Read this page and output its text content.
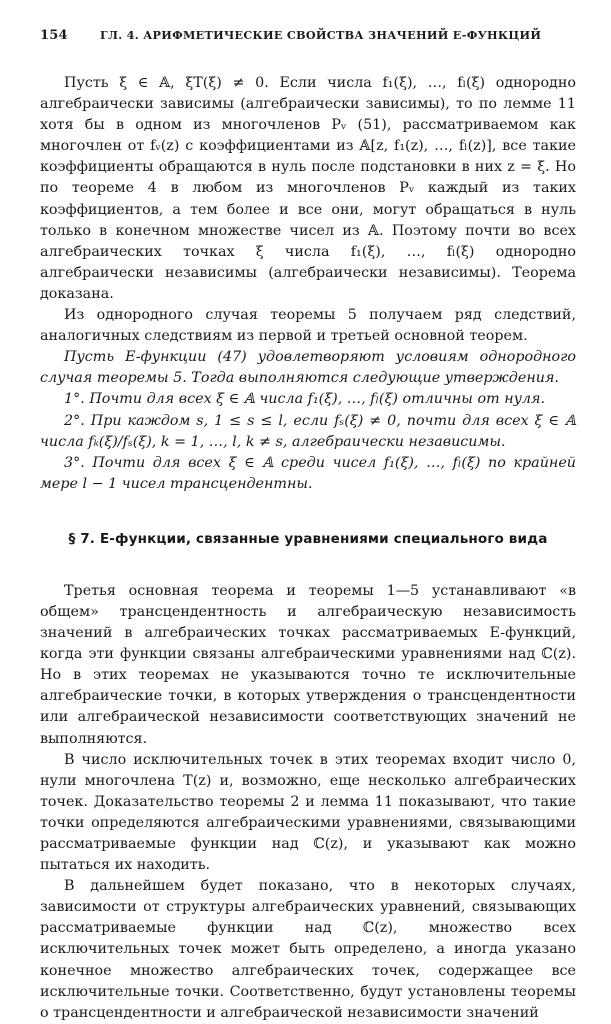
154	ГЛ. 4. АРИФМЕТИЧЕСКИЕ СВОЙСТВА ЗНАЧЕНИЙ E-ФУНКЦИЙ

Пусть ξ ∈ 𝔸, ξT(ξ) ≠ 0. Если числа f₁(ξ), …, fₗ(ξ) однородно алгебраически зависимы (алгебраически зависимы), то по лемме 11 хотя бы в одном из многочленов Pᵥ (51), рассматриваемом как многочлен от fᵥ(z) с коэффициентами из 𝔸[z, f₁(z), …, fₗ(z)], все такие коэффициенты обращаются в нуль после подстановки в них z = ξ. Но по теореме 4 в любом из многочленов Pᵥ каждый из таких коэффициентов, а тем более и все они, могут обращаться в нуль только в конечном множестве чисел из 𝔸. Поэтому почти во всех алгебраических точках ξ числа f₁(ξ), …, fₗ(ξ) однородно алгебраически независимы (алгебраически независимы). Теорема доказана.

Из однородного случая теоремы 5 получаем ряд следствий, аналогичных следствиям из первой и третьей основной теорем.

Пусть E-функции (47) удовлетворяют условиям однородного случая теоремы 5. Тогда выполняются следующие утверждения.

1°. Почти для всех ξ ∈ 𝔸 числа f₁(ξ), …, fₗ(ξ) отличны от нуля.

2°. При каждом s, 1 ≤ s ≤ l, если fₛ(ξ) ≠ 0, почти для всех ξ ∈ 𝔸 числа fₖ(ξ)/fₛ(ξ), k = 1, …, l, k ≠ s, алгебраически независимы.

3°. Почти для всех ξ ∈ 𝔸 среди чисел f₁(ξ), …, fₗ(ξ) по крайней мере l − 1 чисел трансцендентны.

§ 7. E-функции, связанные уравнениями специального вида

Третья основная теорема и теоремы 1—5 устанавливают «в общем» трансцендентность и алгебраическую независимость значений в алгебраических точках рассматриваемых E-функций, когда эти функции связаны алгебраическими уравнениями над ℂ(z). Но в этих теоремах не указываются точно те исключительные алгебраические точки, в которых утверждения о трансцендентности или алгебраической независимости соответствующих значений не выполняются.

В число исключительных точек в этих теоремах входит число 0, нули многочлена T(z) и, возможно, еще несколько алгебраических точек. Доказательство теоремы 2 и лемма 11 показывают, что такие точки определяются алгебраическими уравнениями, связывающими рассматриваемые функции над ℂ(z), и указывают как можно пытаться их находить.

В дальнейшем будет показано, что в некоторых случаях, зависимости от структуры алгебраических уравнений, связывающих рассматриваемые функции над ℂ(z), множество всех исключительных точек может быть определено, а иногда указано конечное множество алгебраических точек, содержащее все исключительные точки. Соответственно, будут установлены теоремы о трансцендентности и алгебраической независимости значений
